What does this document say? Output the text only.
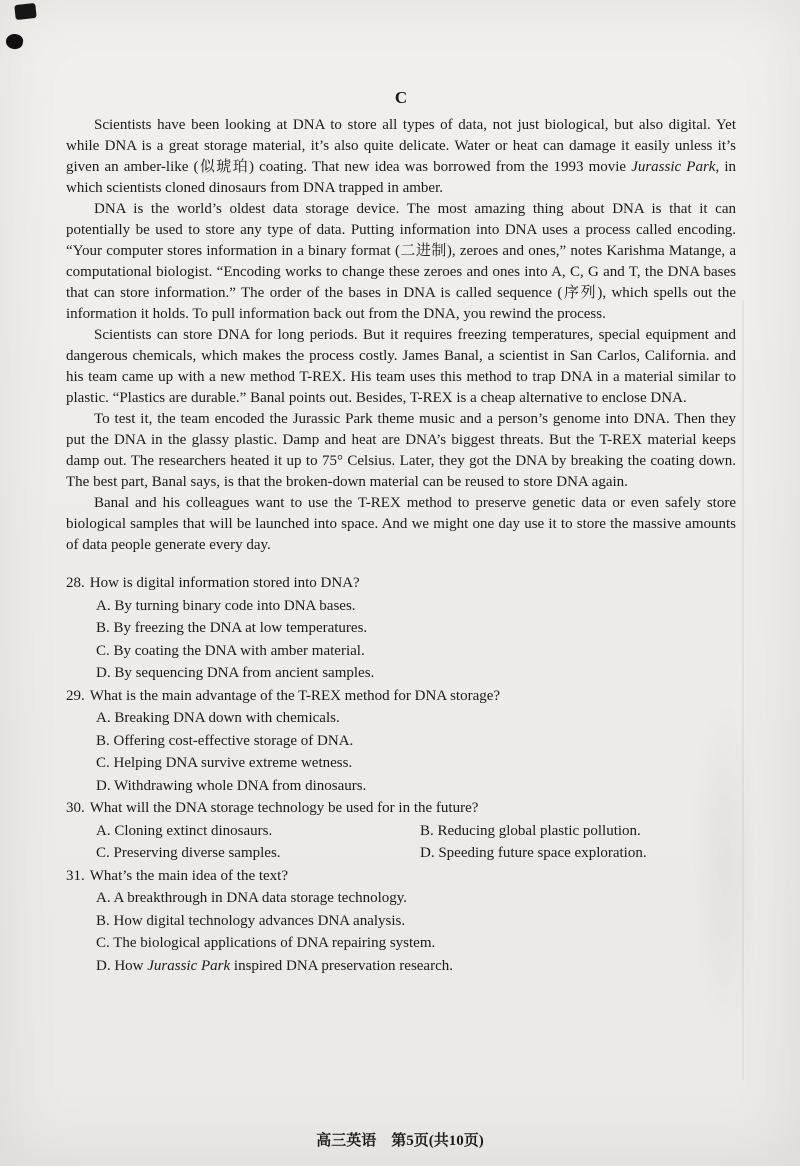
C

Scientists have been looking at DNA to store all types of data, not just biological, but also digital. Yet while DNA is a great storage material, it’s also quite delicate. Water or heat can damage it easily unless it’s given an amber-like (似琥珀) coating. That new idea was borrowed from the 1993 movie Jurassic Park, in which scientists cloned dinosaurs from DNA trapped in amber.

DNA is the world’s oldest data storage device. The most amazing thing about DNA is that it can potentially be used to store any type of data. Putting information into DNA uses a process called encoding. “Your computer stores information in a binary format (二进制), zeroes and ones,” notes Karishma Matange, a computational biologist. “Encoding works to change these zeroes and ones into A, C, G and T, the DNA bases that can store information.” The order of the bases in DNA is called sequence (序列), which spells out the information it holds. To pull information back out from the DNA, you rewind the process.

Scientists can store DNA for long periods. But it requires freezing temperatures, special equipment and dangerous chemicals, which makes the process costly. James Banal, a scientist in San Carlos, California. and his team came up with a new method T-REX. His team uses this method to trap DNA in a material similar to plastic. “Plastics are durable.” Banal points out. Besides, T-REX is a cheap alternative to enclose DNA.

To test it, the team encoded the Jurassic Park theme music and a person’s genome into DNA. Then they put the DNA in the glassy plastic. Damp and heat are DNA’s biggest threats. But the T-REX material keeps damp out. The researchers heated it up to 75° Celsius. Later, they got the DNA by breaking the coating down. The best part, Banal says, is that the broken-down material can be reused to store DNA again.

Banal and his colleagues want to use the T-REX method to preserve genetic data or even safely store biological samples that will be launched into space. And we might one day use it to store the massive amounts of data people generate every day.

28. How is digital information stored into DNA?
A. By turning binary code into DNA bases.
B. By freezing the DNA at low temperatures.
C. By coating the DNA with amber material.
D. By sequencing DNA from ancient samples.
29. What is the main advantage of the T-REX method for DNA storage?
A. Breaking DNA down with chemicals.
B. Offering cost-effective storage of DNA.
C. Helping DNA survive extreme wetness.
D. Withdrawing whole DNA from dinosaurs.
30. What will the DNA storage technology be used for in the future?
A. Cloning extinct dinosaurs.	B. Reducing global plastic pollution.
C. Preserving diverse samples.	D. Speeding future space exploration.
31. What’s the main idea of the text?
A. A breakthrough in DNA data storage technology.
B. How digital technology advances DNA analysis.
C. The biological applications of DNA repairing system.
D. How Jurassic Park inspired DNA preservation research.
高三英语　第5页(共10页)
